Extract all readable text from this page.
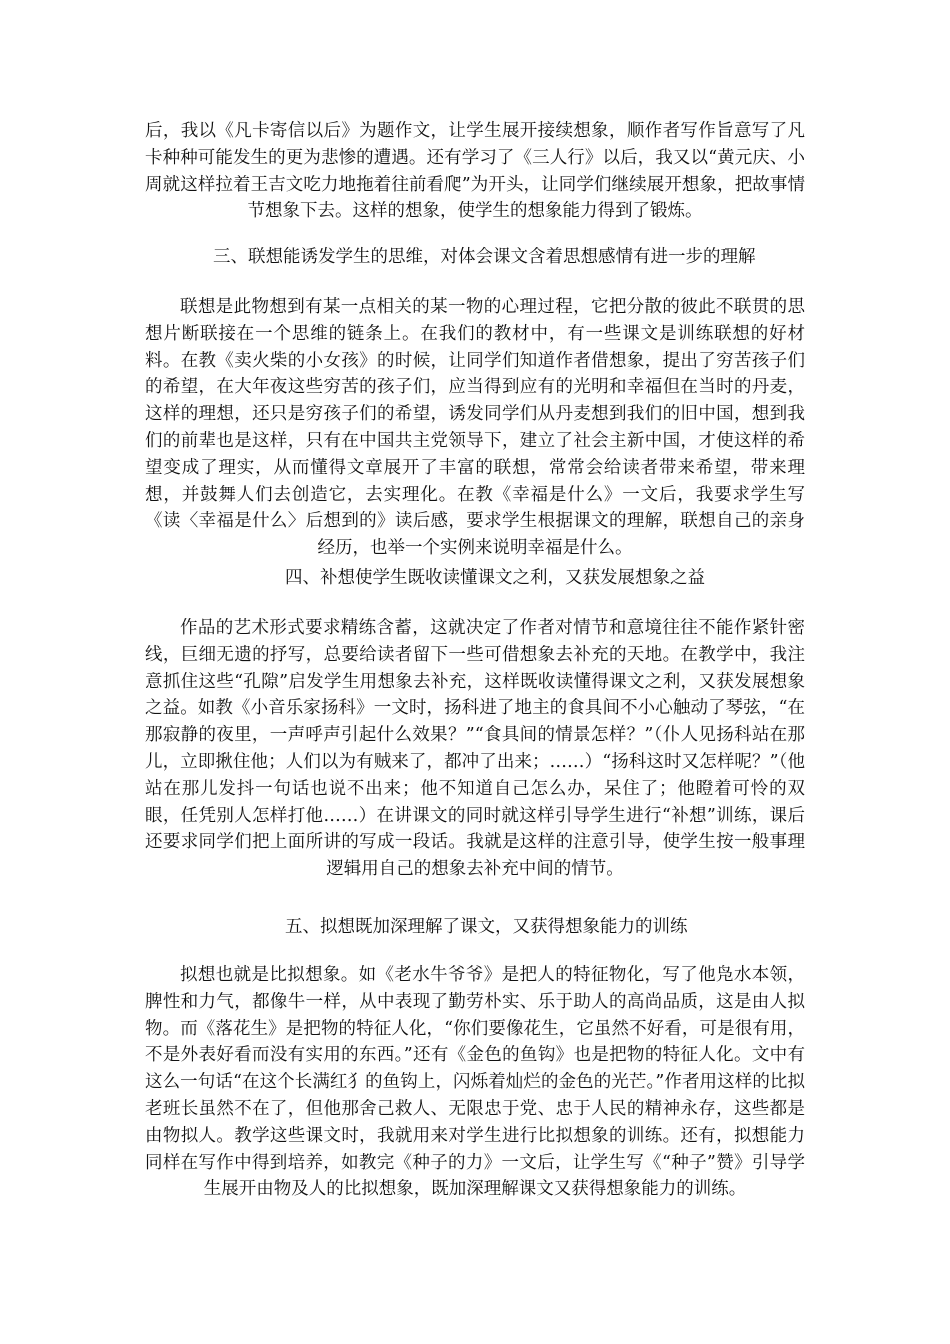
后，我以《凡卡寄信以后》为题作文，让学生展开接续想象，顺作者写作旨意写了凡卡种种可能发生的更为悲惨的遭遇。还有学习了《三人行》以后，我又以“黄元庆、小周就这样拉着王吉文吃力地拖着往前看爬”为开头，让同学们继续展开想象，把故事情节想象下去。这样的想象，使学生的想象能力得到了锻炼。

三、联想能诱发学生的思维，对体会课文含着思想感情有进一步的理解

联想是此物想到有某一点相关的某一物的心理过程，它把分散的彼此不联贯的思想片断联接在一个思维的链条上。在我们的教材中，有一些课文是训练联想的好材料。在教《卖火柴的小女孩》的时候，让同学们知道作者借想象，提出了穷苦孩子们的希望，在大年夜这些穷苦的孩子们，应当得到应有的光明和幸福但在当时的丹麦，这样的理想，还只是穷孩子们的希望，诱发同学们从丹麦想到我们的旧中国，想到我们的前辈也是这样，只有在中国共主党领导下，建立了社会主新中国，才使这样的希望变成了理实，从而懂得文章展开了丰富的联想，常常会给读者带来希望，带来理想，并鼓舞人们去创造它，去实理化。在教《幸福是什么》一文后，我要求学生写《读〈幸福是什么〉后想到的》读后感，要求学生根据课文的理解，联想自己的亲身经历，也举一个实例来说明幸福是什么。

四、补想使学生既收读懂课文之利，又获发展想象之益

作品的艺术形式要求精练含蓄，这就决定了作者对情节和意境往往不能作紧针密线，巨细无遗的抒写，总要给读者留下一些可借想象去补充的天地。在教学中，我注意抓住这些“孔隙”启发学生用想象去补充，这样既收读懂得课文之利，又获发展想象之益。如教《小音乐家扬科》一文时，扬科进了地主的食具间不小心触动了琴弦，“在那寂静的夜里，一声呼声引起什么效果？”“食具间的情景怎样？”（仆人见扬科站在那儿，立即揪住他；人们以为有贼来了，都冲了出来；……）“扬科这时又怎样呢？”（他站在那儿发抖一句话也说不出来；他不知道自己怎么办，呆住了；他瞪着可怜的双眼，任凭别人怎样打他……）在讲课文的同时就这样引导学生进行“补想”训练，课后还要求同学们把上面所讲的写成一段话。我就是这样的注意引导，使学生按一般事理逻辑用自己的想象去补充中间的情节。

五、拟想既加深理解了课文，又获得想象能力的训练

拟想也就是比拟想象。如《老水牛爷爷》是把人的特征物化，写了他凫水本领，脾性和力气，都像牛一样，从中表现了勤劳朴实、乐于助人的高尚品质，这是由人拟物。而《落花生》是把物的特征人化，“你们要像花生，它虽然不好看，可是很有用，不是外表好看而没有实用的东西。”还有《金色的鱼钩》也是把物的特征人化。文中有这么一句话“在这个长满红犭的鱼钩上，闪烁着灿烂的金色的光芒。”作者用这样的比拟老班长虽然不在了，但他那舍己救人、无限忠于党、忠于人民的精神永存，这些都是由物拟人。教学这些课文时，我就用来对学生进行比拟想象的训练。还有，拟想能力同样在写作中得到培养，如教完《种子的力》一文后，让学生写《“种子”赞》引导学生展开由物及人的比拟想象，既加深理解课文又获得想象能力的训练。
